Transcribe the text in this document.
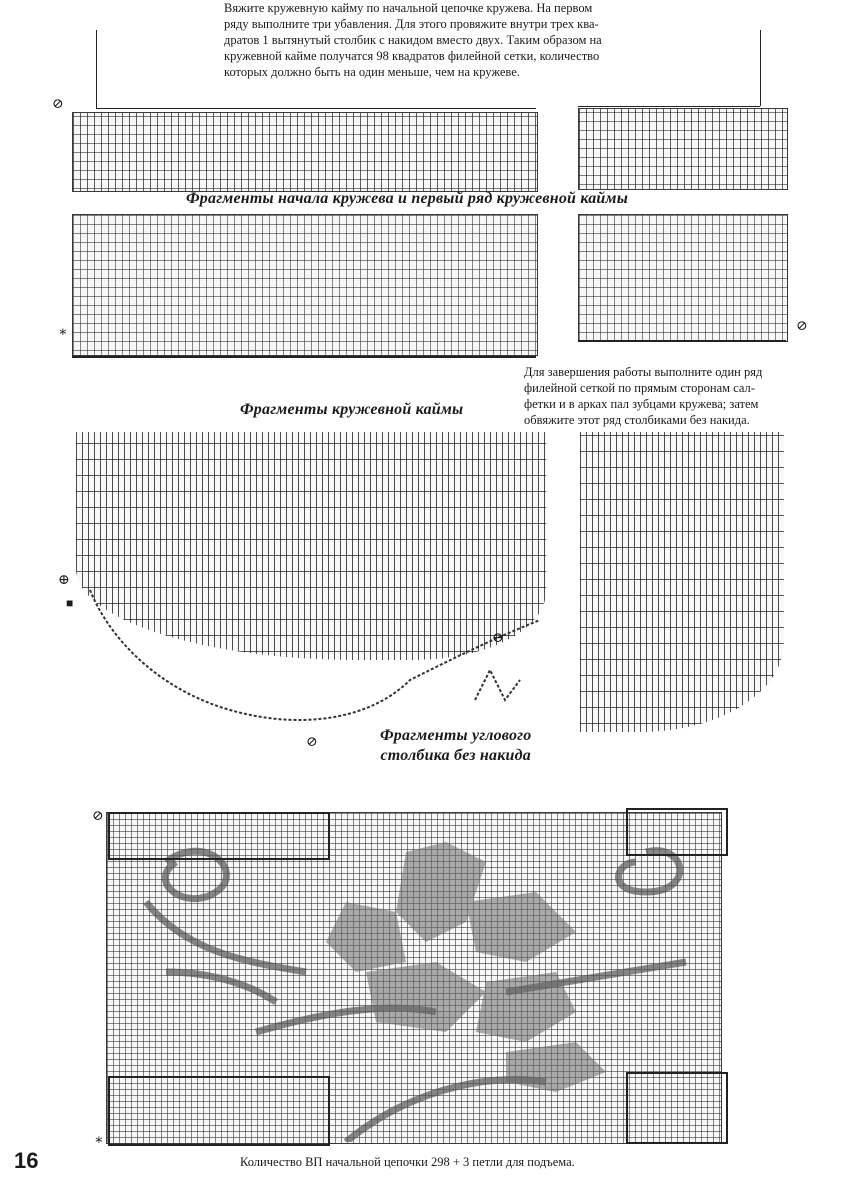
Вяжите кружевную кайму по начальной цепочке кружева. На первом
ряду выполните три убавления. Для этого провяжите внутри трех ква-
дратов 1 вытянутый столбик с накидом вместо двух. Таким образом на
кружевной кайме получатся 98 квадратов филейной сетки, количество
которых должно быть на один меньше, чем на кружеве.
⊘
Фрагменты начала кружева и первый ряд кружевной каймы
∗	⊘
Для завершения работы выполните один ряд
филейной сеткой по прямым сторонам сал-
фетки и в арках пал зубцами кружева; затем
обвяжите этот ряд столбиками без накида.
Фрагменты кружевной каймы
⊕
■
⊖
⊘	Фрагменты углового
столбика без накида
⊘
∗
16	Количество ВП начальной цепочки 298 + 3 петли для подъема.
